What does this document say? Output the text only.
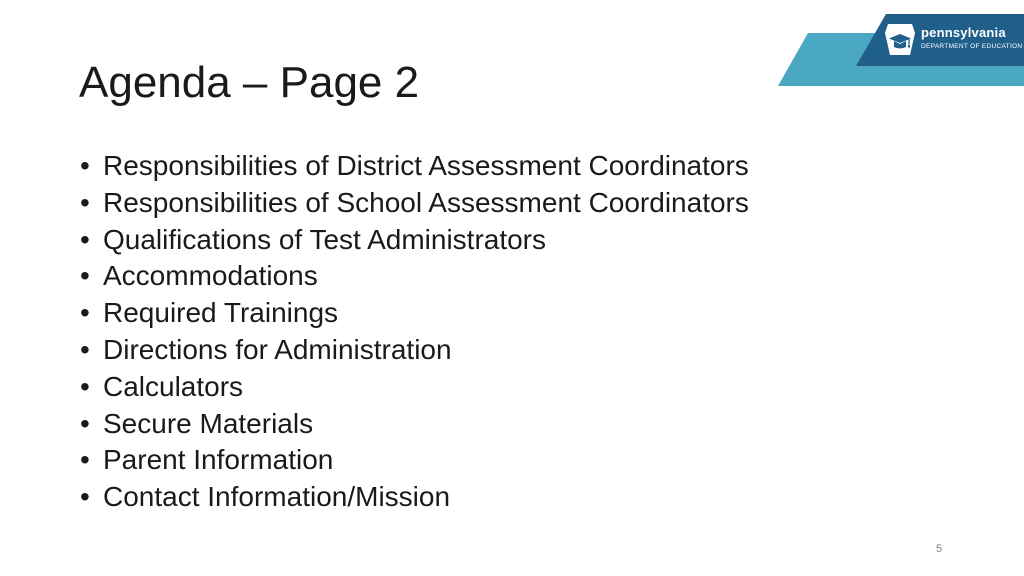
pennsylvania
DEPARTMENT OF EDUCATION
Agenda – Page 2
• Responsibilities of District Assessment Coordinators
• Responsibilities of School Assessment Coordinators
• Qualifications of Test Administrators
• Accommodations
• Required Trainings
• Directions for Administration
• Calculators
• Secure Materials
• Parent Information
• Contact Information/Mission
5
